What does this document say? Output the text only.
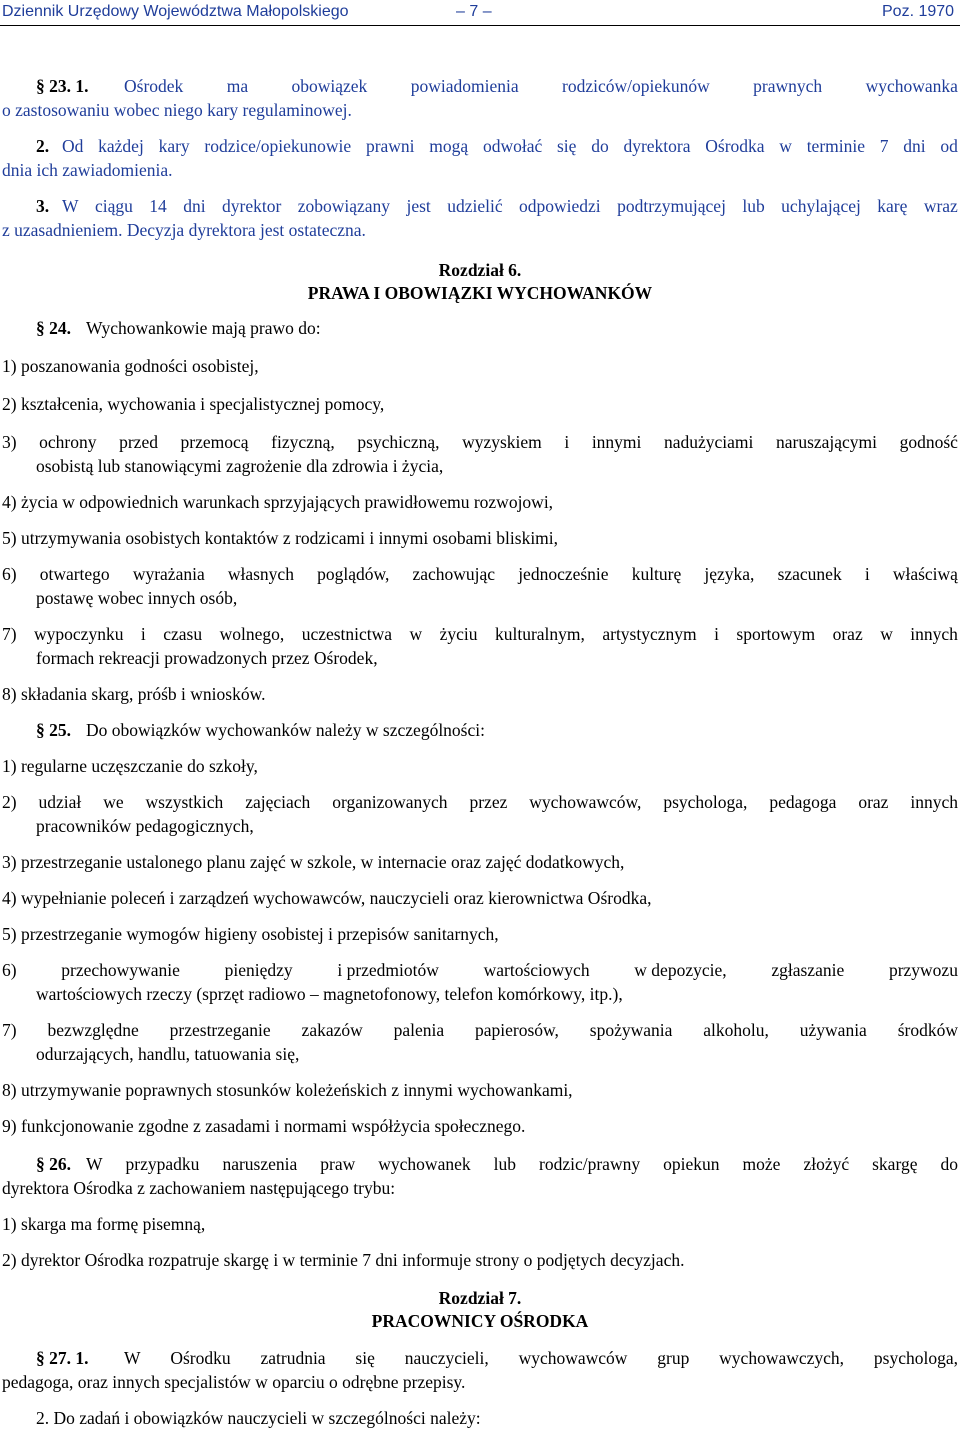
Dziennik Urzędowy Województwa Małopolskiego	– 7 –	Poz. 1970
§ 23. 1. Ośrodek ma obowiązek powiadomienia rodziców/opiekunów prawnych wychowanka
o zastosowaniu wobec niego kary regulaminowej.
2. Od każdej kary rodzice/opiekunowie prawni mogą odwołać się do dyrektora Ośrodka w terminie 7 dni od
dnia ich zawiadomienia.
3. W ciągu 14 dni dyrektor zobowiązany jest udzielić odpowiedzi podtrzymującej lub uchylającej karę wraz
z uzasadnieniem. Decyzja dyrektora jest ostateczna.
Rozdział 6.
PRAWA I OBOWIĄZKI WYCHOWANKÓW
§ 24. Wychowankowie mają prawo do:
1) poszanowania godności osobistej,
2) kształcenia, wychowania i specjalistycznej pomocy,
3) ochrony przed przemocą fizyczną, psychiczną, wyzyskiem i innymi nadużyciami naruszającymi godność
osobistą lub stanowiącymi zagrożenie dla zdrowia i życia,
4) życia w odpowiednich warunkach sprzyjających prawidłowemu rozwojowi,
5) utrzymywania osobistych kontaktów z rodzicami i innymi osobami bliskimi,
6) otwartego wyrażania własnych poglądów, zachowując jednocześnie kulturę języka, szacunek i właściwą
postawę wobec innych osób,
7) wypoczynku i czasu wolnego, uczestnictwa w życiu kulturalnym, artystycznym i sportowym oraz w innych
formach rekreacji prowadzonych przez Ośrodek,
8) składania skarg, próśb i wniosków.
§ 25. Do obowiązków wychowanków należy w szczególności:
1) regularne uczęszczanie do szkoły,
2) udział we wszystkich zajęciach organizowanych przez wychowawców, psychologa, pedagoga oraz innych
pracowników pedagogicznych,
3) przestrzeganie ustalonego planu zajęć w szkole, w internacie oraz zajęć dodatkowych,
4) wypełnianie poleceń i zarządzeń wychowawców, nauczycieli oraz kierownictwa Ośrodka,
5) przestrzeganie wymogów higieny osobistej i przepisów sanitarnych,
6)	przechowywanie	pieniędzy	i przedmiotów	wartościowych	w depozycie,	zgłaszanie	przywozu
wartościowych rzeczy (sprzęt radiowo – magnetofonowy, telefon komórkowy, itp.),
7) bezwzględne przestrzeganie zakazów palenia papierosów, spożywania alkoholu, używania środków
odurzających, handlu, tatuowania się,
8) utrzymywanie poprawnych stosunków koleżeńskich z innymi wychowankami,
9) funkcjonowanie zgodne z zasadami i normami współżycia społecznego.
§ 26. W przypadku naruszenia praw wychowanek lub rodzic/prawny opiekun może złożyć skargę do
dyrektora Ośrodka z zachowaniem następującego trybu:
1) skarga ma formę pisemną,
2) dyrektor Ośrodka rozpatruje skargę i w terminie 7 dni informuje strony o podjętych decyzjach.
Rozdział 7.
PRACOWNICY OŚRODKA
§ 27. 1. W Ośrodku zatrudnia się nauczycieli, wychowawców grup wychowawczych, psychologa,
pedagoga, oraz innych specjalistów w oparciu o odrębne przepisy.
2. Do zadań i obowiązków nauczycieli w szczególności należy:
